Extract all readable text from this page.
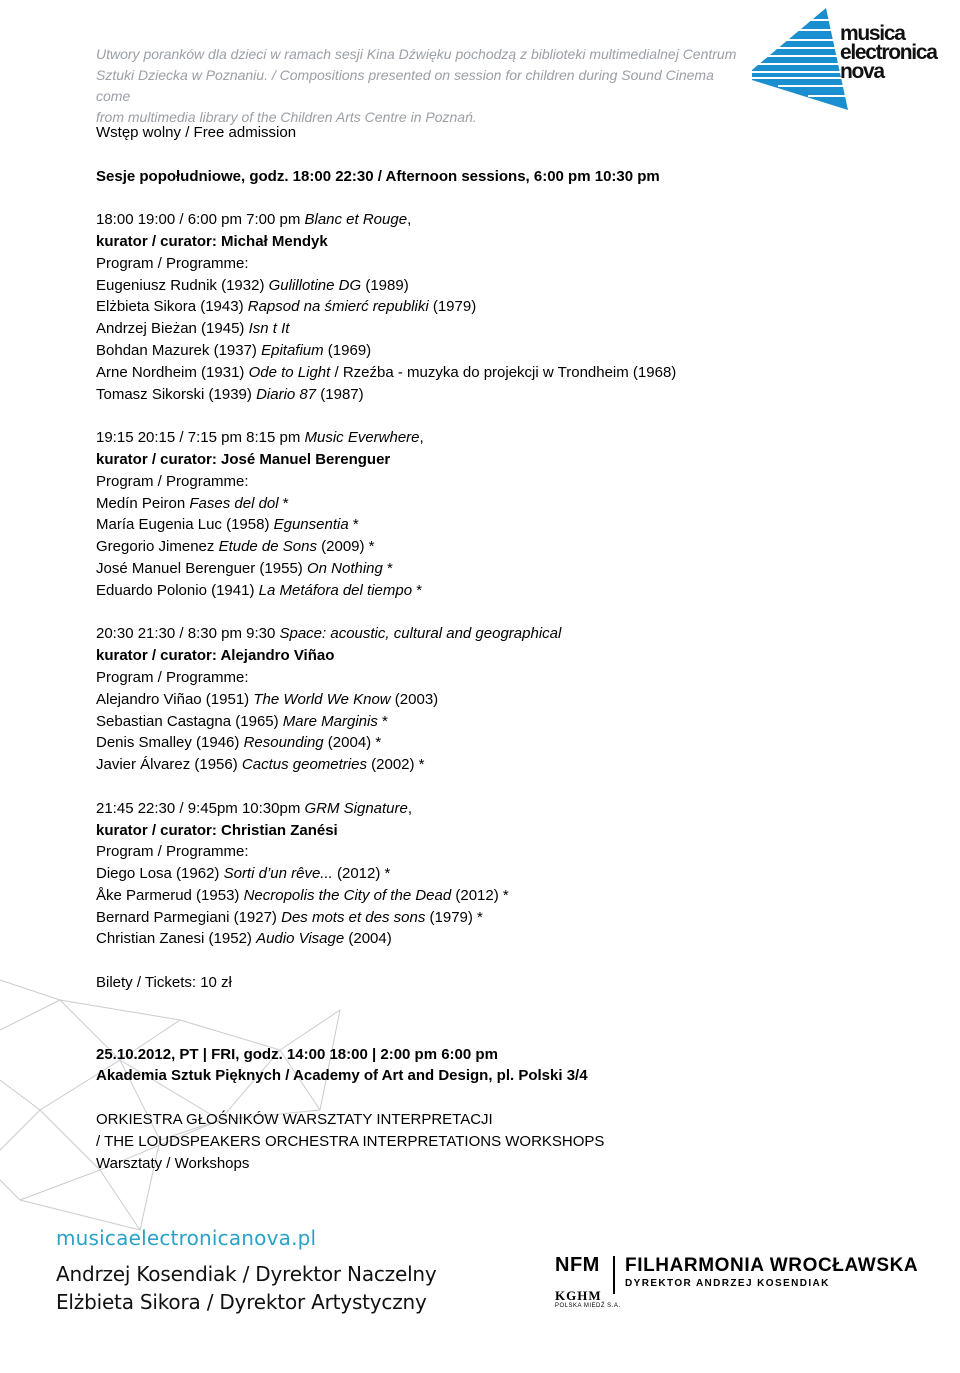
Utwory poranków dla dzieci w ramach sesji Kina Dźwięku pochodzą z biblioteki multimedialnej Centrum
Sztuki Dziecka w Poznaniu. / Compositions presented on session for children during Sound Cinema come
from multimedia library of the Children Arts Centre in Poznań.
musica
electronica
nova

Wstęp wolny / Free admission

Sesje popołudniowe, godz. 18:00 22:30 / Afternoon sessions, 6:00 pm 10:30 pm

18:00 19:00 / 6:00 pm 7:00 pm Blanc et Rouge,

kurator / curator: Michał Mendyk

Program / Programme:

Eugeniusz Rudnik (1932) Gulillotine DG (1989)

Elżbieta Sikora (1943) Rapsod na śmierć republiki (1979)

Andrzej Bieżan (1945) Isn t It

Bohdan Mazurek (1937) Epitafium (1969)

Arne Nordheim (1931) Ode to Light / Rzeźba - muzyka do projekcji w Trondheim (1968)

Tomasz Sikorski (1939) Diario 87 (1987)

19:15 20:15 / 7:15 pm 8:15 pm Music Everwhere,

kurator / curator: José Manuel Berenguer

Program / Programme:

Medín Peiron Fases del dol *

María Eugenia Luc (1958) Egunsentia *

Gregorio Jimenez Etude de Sons (2009) *

José Manuel Berenguer (1955) On Nothing *

Eduardo Polonio (1941) La Metáfora del tiempo *

20:30 21:30 / 8:30 pm 9:30 Space: acoustic, cultural and geographical

kurator / curator: Alejandro Viñao

Program / Programme:

Alejandro Viñao (1951) The World We Know (2003)

Sebastian Castagna (1965) Mare Marginis *

Denis Smalley (1946) Resounding (2004) *

Javier Álvarez (1956) Cactus geometries (2002) *

21:45 22:30 / 9:45pm 10:30pm GRM Signature,

kurator / curator: Christian Zanési

Program / Programme:

Diego Losa (1962) Sorti d’un rêve... (2012) *

Åke Parmerud (1953) Necropolis the City of the Dead (2012) *

Bernard Parmegiani (1927) Des mots et des sons (1979) *

Christian Zanesi (1952) Audio Visage (2004)

Bilety / Tickets: 10 zł

25.10.2012, PT | FRI, godz. 14:00 18:00 | 2:00 pm 6:00 pm

Akademia Sztuk Pięknych / Academy of Art and Design, pl. Polski 3/4

ORKIESTRA GŁOŚNIKÓW WARSZTATY INTERPRETACJI

/ THE LOUDSPEAKERS ORCHESTRA INTERPRETATIONS WORKSHOPS

Warsztaty / Workshops

musicaelectronicanova.pl
Andrzej Kosendiak / Dyrektor Naczelny
Elżbieta Sikora / Dyrektor Artystyczny
NFM FILHARMONIA WROCŁAWSKA
DYREKTOR ANDRZEJ KOSENDIAK
KGHM
POLSKA MIEDŹ S.A.
